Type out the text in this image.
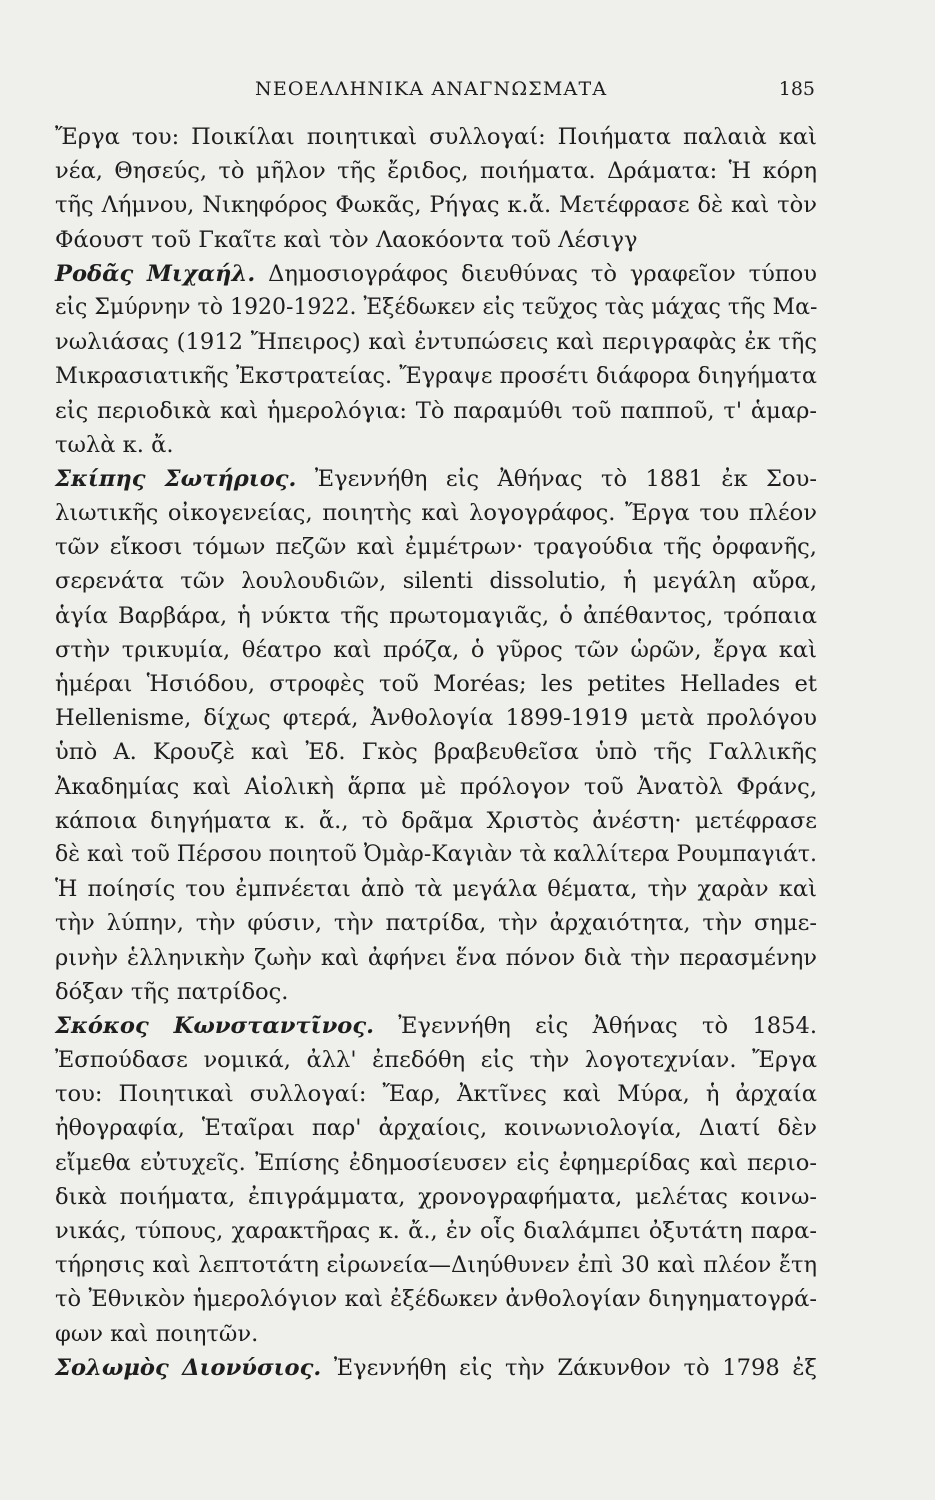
ΝΕΟΕΛΛΗΝΙΚΑ ΑΝΑΓΝΩΣΜΑΤΑ	185
Ἔργα του: Ποικίλαι ποιητικαὶ συλλογαί: Ποιήματα παλαιὰ καὶ
νέα, Θησεύς, τὸ μῆλον τῆς ἔριδος, ποιήματα. Δράματα: Ἡ κόρη
τῆς Λήμνου, Νικηφόρος Φωκᾶς, Ρήγας κ.ἄ. Μετέφρασε δὲ καὶ τὸν
Φάουστ τοῦ Γκαῖτε καὶ τὸν Λαοκόοντα τοῦ Λέσιγγ
Ροδᾶς Μιχαήλ. Δημοσιογράφος διευθύνας τὸ γραφεῖον τύπου
εἰς Σμύρνην τὸ 1920-1922. Ἐξέδωκεν εἰς τεῦχος τὰς μάχας τῆς Μα-
νωλιάσας (1912 Ἤπειρος) καὶ ἐντυπώσεις καὶ περιγραφὰς ἐκ τῆς
Μικρασιατικῆς Ἐκστρατείας. Ἔγραψε προσέτι διάφορα διηγήματα
εἰς περιοδικὰ καὶ ἡμερολόγια: Τὸ παραμύθι τοῦ παπποῦ, τ' ἁμαρ-
τωλὰ κ. ἄ.
Σκίπης Σωτήριος. Ἐγεννήθη εἰς Ἀθήνας τὸ 1881 ἐκ Σου-
λιωτικῆς οἰκογενείας, ποιητὴς καὶ λογογράφος. Ἔργα του πλέον
τῶν εἴκοσι τόμων πεζῶν καὶ ἐμμέτρων· τραγούδια τῆς ὀρφανῆς,
σερενάτα τῶν λουλουδιῶν, silenti dissolutio, ἡ μεγάλη αὔρα,
ἁγία Βαρβάρα, ἡ νύκτα τῆς πρωτομαγιᾶς, ὁ ἀπέθαντος, τρόπαια
στὴν τρικυμία, θέατρο καὶ πρόζα, ὁ γῦρος τῶν ὡρῶν, ἔργα καὶ
ἡμέραι Ἡσιόδου, στροφὲς τοῦ Moréas; les petites Hellades et
Hellenisme, δίχως φτερά, Ἀνθολογία 1899-1919 μετὰ προλόγου
ὑπὸ Α. Κρουζὲ καὶ Ἐδ. Γκὸς βραβευθεῖσα ὑπὸ τῆς Γαλλικῆς
Ἀκαδημίας καὶ Αἰολικὴ ἅρπα μὲ πρόλογον τοῦ Ἀνατὸλ Φράνς,
κάποια διηγήματα κ. ἄ., τὸ δρᾶμα Χριστὸς ἀνέστη· μετέφρασε
δὲ καὶ τοῦ Πέρσου ποιητοῦ Ὀμὰρ-Καγιὰν τὰ καλλίτερα Ρουμπαγιάτ.
Ἡ ποίησίς του ἐμπνέεται ἀπὸ τὰ μεγάλα θέματα, τὴν χαρὰν καὶ
τὴν λύπην, τὴν φύσιν, τὴν πατρίδα, τὴν ἀρχαιότητα, τὴν σημε-
ρινὴν ἑλληνικὴν ζωὴν καὶ ἀφήνει ἕνα πόνον διὰ τὴν περασμένην
δόξαν τῆς πατρίδος.
Σκόκος Κωνσταντῖνος. Ἐγεννήθη εἰς Ἀθήνας τὸ 1854.
Ἐσπούδασε νομικά, ἀλλ' ἐπεδόθη εἰς τὴν λογοτεχνίαν. Ἔργα
του: Ποιητικαὶ συλλογαί: Ἔαρ, Ἀκτῖνες καὶ Μύρα, ἡ ἀρχαία
ἠθογραφία, Ἑταῖραι παρ' ἀρχαίοις, κοινωνιολογία, Διατί δὲν
εἴμεθα εὐτυχεῖς. Ἐπίσης ἐδημοσίευσεν εἰς ἐφημερίδας καὶ περιο-
δικὰ ποιήματα, ἐπιγράμματα, χρονογραφήματα, μελέτας κοινω-
νικάς, τύπους, χαρακτῆρας κ. ἄ., ἐν οἷς διαλάμπει ὀξυτάτη παρα-
τήρησις καὶ λεπτοτάτη εἰρωνεία—Διηύθυνεν ἐπὶ 30 καὶ πλέον ἔτη
τὸ Ἐθνικὸν ἡμερολόγιον καὶ ἐξέδωκεν ἀνθολογίαν διηγηματογρά-
φων καὶ ποιητῶν.
Σολωμὸς Διονύσιος. Ἐγεννήθη εἰς τὴν Ζάκυνθον τὸ 1798 ἐξ
